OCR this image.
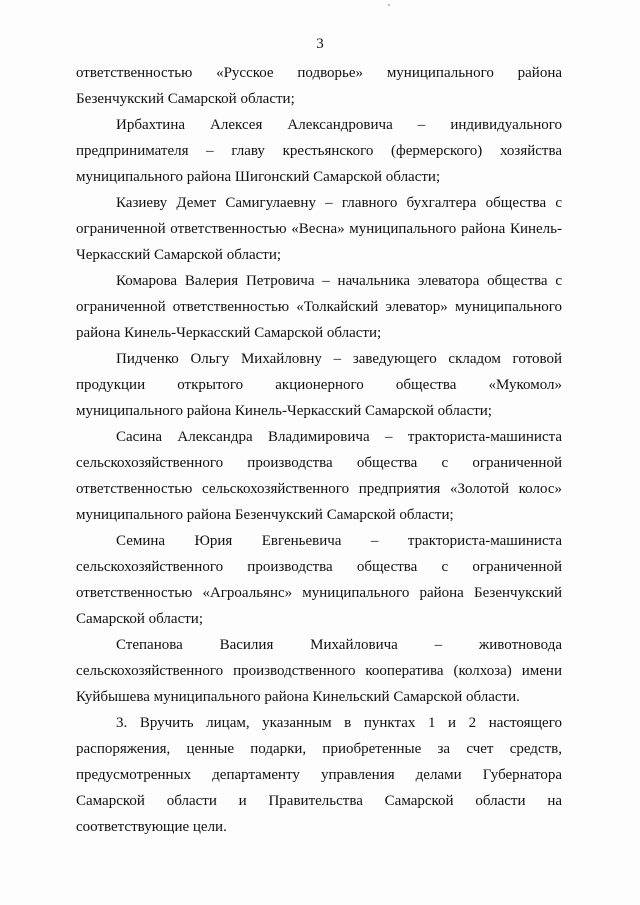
3
ответственностью «Русское подворье» муниципального района
Безенчукский Самарской области;
Ирбахтина Алексея Александровича – индивидуального
предпринимателя – главу крестьянского (фермерского) хозяйства
муниципального района Шигонский Самарской области;
Казиеву Демет Самигулаевну – главного бухгалтера общества с
ограниченной ответственностью «Весна» муниципального района Кинель-
Черкасский Самарской области;
Комарова Валерия Петровича – начальника элеватора общества с
ограниченной ответственностью «Толкайский элеватор» муниципального
района Кинель-Черкасский Самарской области;
Пидченко Ольгу Михайловну – заведующего складом готовой
продукции открытого акционерного общества «Мукомол»
муниципального района Кинель-Черкасский Самарской области;
Сасина Александра Владимировича – тракториста-машиниста
сельскохозяйственного производства общества с ограниченной
ответственностью сельскохозяйственного предприятия «Золотой колос»
муниципального района Безенчукский Самарской области;
Семина Юрия Евгеньевича – тракториста-машиниста
сельскохозяйственного производства общества с ограниченной
ответственностью «Агроальянс» муниципального района Безенчукский
Самарской области;
Степанова Василия Михайловича – животновода
сельскохозяйственного производственного кооператива (колхоза) имени
Куйбышева муниципального района Кинельский Самарской области.
3. Вручить лицам, указанным в пунктах 1 и 2 настоящего
распоряжения, ценные подарки, приобретенные за счет средств,
предусмотренных департаменту управления делами Губернатора
Самарской области и Правительства Самарской области на
соответствующие цели.
